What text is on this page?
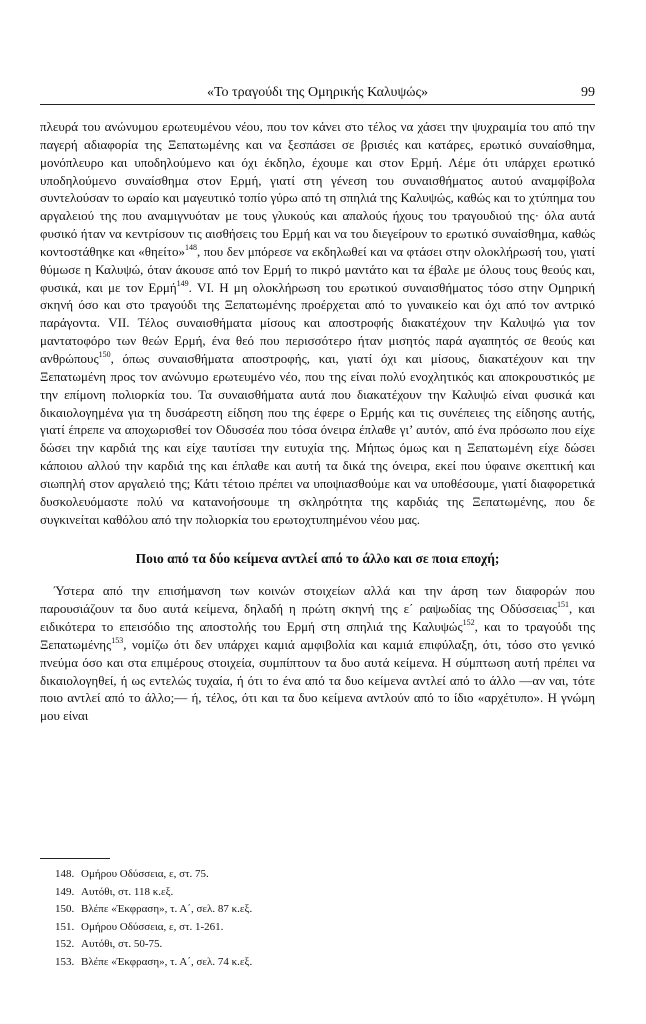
«Το τραγούδι της Ομηρικής Καλυψώς»	99

πλευρά του ανώνυμου ερωτευμένου νέου, που τον κάνει στο τέλος να χάσει την ψυχραιμία του από την παγερή αδιαφορία της Ξεπατωμένης και να ξεσπάσει σε βρισιές και κατάρες, ερωτικό συναίσθημα, μονόπλευρο και υποδηλούμενο και όχι έκδηλο, έχουμε και στον Ερμή. Λέμε ότι υπάρχει ερωτικό υποδηλούμενο συναίσθημα στον Ερμή, γιατί στη γένεση του συναισθήματος αυτού αναμφίβολα συντελούσαν το ωραίο και μαγευτικό τοπίο γύρω από τη σπηλιά της Καλυψώς, καθώς και το χτύπημα του αργαλειού της που αναμιγνυόταν με τους γλυκούς και απαλούς ήχους του τραγουδιού της· όλα αυτά φυσικό ήταν να κεντρίσουν τις αισθήσεις του Ερμή και να του διεγείρουν το ερωτικό συναίσθημα, καθώς κοντοστάθηκε και «θηείτο»$^{148}$, που δεν μπόρεσε να εκδηλωθεί και να φτάσει στην ολοκλήρωσή του, γιατί θύμωσε η Καλυψώ, όταν άκουσε από τον Ερμή το πικρό μαντάτο και τα έβαλε με όλους τους θεούς και, φυσικά, και με τον Ερμή$^{149}$. VI. Η μη ολοκλήρωση του ερωτικού συναισθήματος τόσο στην Ομηρική σκηνή όσο και στο τραγούδι της Ξεπατωμένης προέρχεται από το γυναικείο και όχι από τον αντρικό παράγοντα. VII. Τέλος συναισθήματα μίσους και αποστροφής διακατέχουν την Καλυψώ για τον μαντατοφόρο των θεών Ερμή, ένα θεό που περισσότερο ήταν μισητός παρά αγαπητός σε θεούς και ανθρώπους$^{150}$, όπως συναισθήματα αποστροφής, και, γιατί όχι και μίσους, διακατέχουν και την Ξεπατωμένη προς τον ανώνυμο ερωτευμένο νέο, που της είναι πολύ ενοχλητικός και αποκρουστικός με την επίμονη πολιορκία του. Τα συναισθήματα αυτά που διακατέχουν την Καλυψώ είναι φυσικά και δικαιολογημένα για τη δυσάρεστη είδηση που της έφερε ο Ερμής και τις συνέπειες της είδησης αυτής, γιατί έπρεπε να αποχωρισθεί τον Οδυσσέα που τόσα όνειρα έπλαθε γι’ αυτόν, από ένα πρόσωπο που είχε δώσει την καρδιά της και είχε ταυτίσει την ευτυχία της. Μήπως όμως και η Ξεπατωμένη είχε δώσει κάποιου αλλού την καρδιά της και έπλαθε και αυτή τα δικά της όνειρα, εκεί που ύφαινε σκεπτική και σιωπηλή στον αργαλειό της; Κάτι τέτοιο πρέπει να υποψιασθούμε και να υποθέσουμε, γιατί διαφορετικά δυσκολευόμαστε πολύ να κατανοήσουμε τη σκληρότητα της καρδιάς της Ξεπατωμένης, που δε συγκινείται καθόλου από την πολιορκία του ερωτοχτυπημένου νέου μας.

Ποιο από τα δύο κείμενα αντλεί από το άλλο και σε ποια εποχή;

Ύστερα από την επισήμανση των κοινών στοιχείων αλλά και την άρση των διαφορών που παρουσιάζουν τα δυο αυτά κείμενα, δηλαδή η πρώτη σκηνή της ε΄ ραψωδίας της Οδύσσειας$^{151}$, και ειδικότερα το επεισόδιο της αποστολής του Ερμή στη σπηλιά της Καλυψώς$^{152}$, και το τραγούδι της Ξεπατωμένης$^{153}$, νομίζω ότι δεν υπάρχει καμιά αμφιβολία και καμιά επιφύλαξη, ότι, τόσο στο γενικό πνεύμα όσο και στα επιμέρους στοιχεία, συμπίπτουν τα δυο αυτά κείμενα. Η σύμπτωση αυτή πρέπει να δικαιολογηθεί, ή ως εντελώς τυχαία, ή ότι το ένα από τα δυο κείμενα αντλεί από το άλλο —αν ναι, τότε ποιο αντλεί από το άλλο;— ή, τέλος, ότι και τα δυο κείμενα αντλούν από το ίδιο «αρχέτυπο». Η γνώμη μου είναι

148. Ομήρου Οδύσσεια, ε, στ. 75.
149. Αυτόθι, στ. 118 κ.εξ.
150. Βλέπε «Έκφραση», τ. Α΄, σελ. 87 κ.εξ.
151. Ομήρου Οδύσσεια, ε, στ. 1-261.
152. Αυτόθι, στ. 50-75.
153. Βλέπε «Έκφραση», τ. Α΄, σελ. 74 κ.εξ.
